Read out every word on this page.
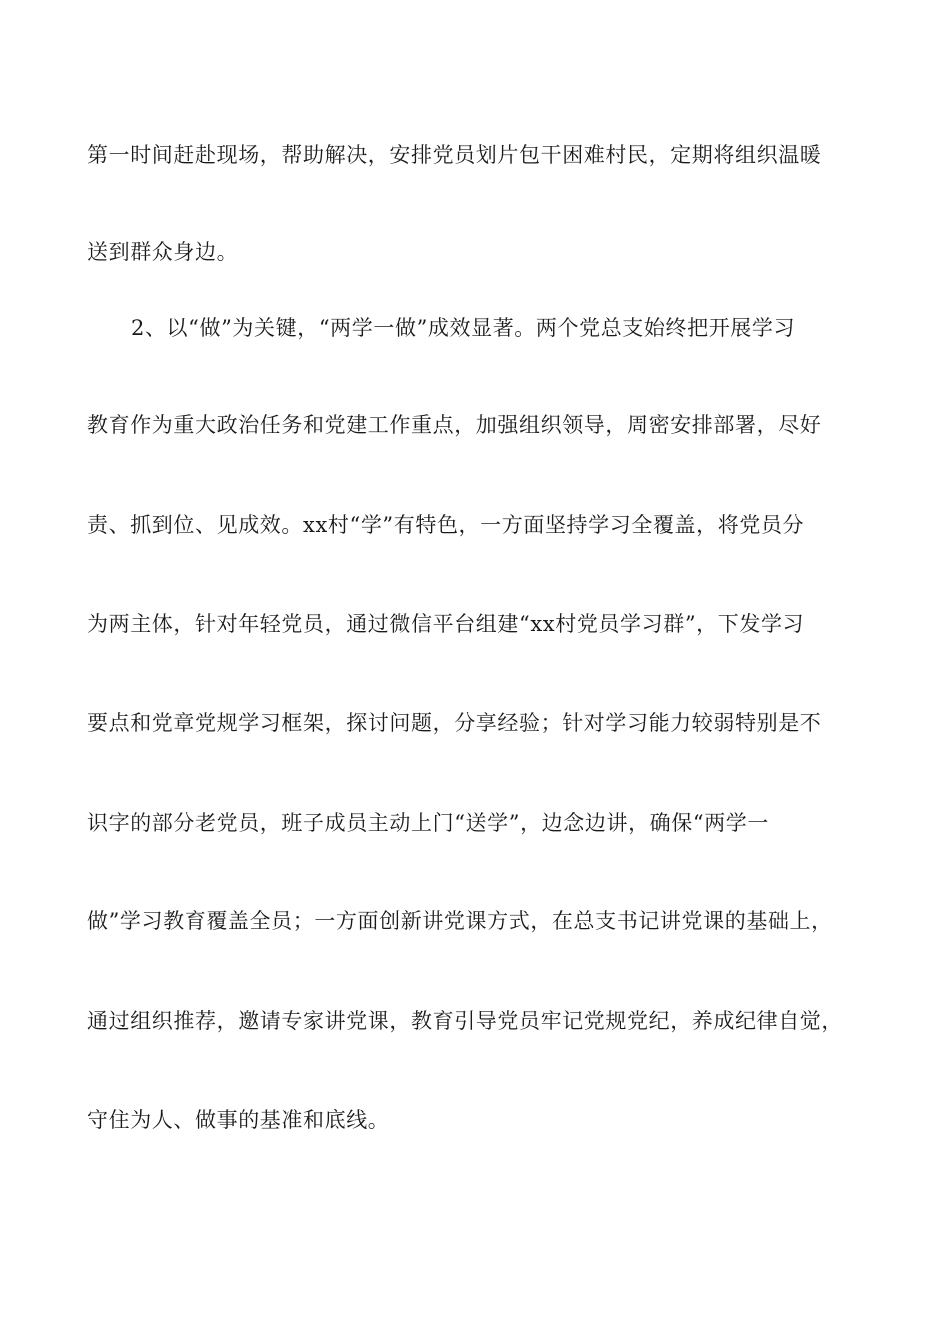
第一时间赶赴现场，帮助解决，安排党员划片包干困难村民，定期将组织温暖
送到群众身边。
2、以“做”为关键，“两学一做”成效显著。两个党总支始终把开展学习
教育作为重大政治任务和党建工作重点，加强组织领导，周密安排部署，尽好
责、抓到位、见成效。xx村“学”有特色，一方面坚持学习全覆盖，将党员分
为两主体，针对年轻党员，通过微信平台组建“xx村党员学习群”，下发学习
要点和党章党规学习框架，探讨问题，分享经验；针对学习能力较弱特别是不
识字的部分老党员，班子成员主动上门“送学”，边念边讲，确保“两学一
做”学习教育覆盖全员；一方面创新讲党课方式，在总支书记讲党课的基础上，
通过组织推荐，邀请专家讲党课，教育引导党员牢记党规党纪，养成纪律自觉，
守住为人、做事的基准和底线。
